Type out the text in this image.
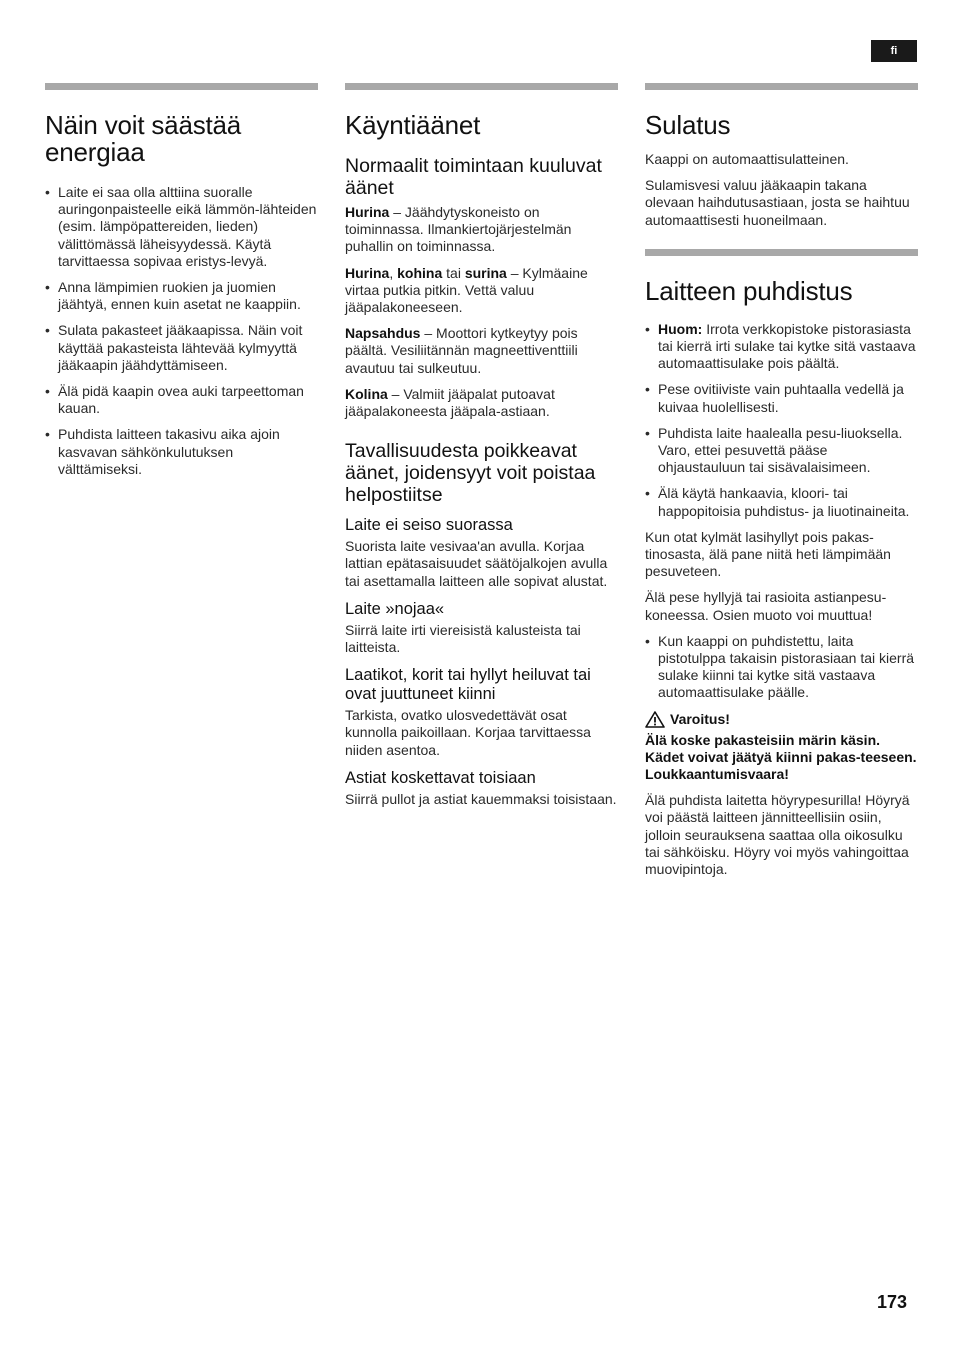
fi
Näin voit säästää energiaa
• Laite ei saa olla alttiina suoralle auringonpaisteelle eikä lämmön-lähteiden (esim. lämpöpattereiden, lieden) välittömässä läheisyydessä. Käytä tarvittaessa sopivaa eristys-levyä.
• Anna lämpimien ruokien ja juomien jäähtyä, ennen kuin asetat ne kaappiin.
• Sulata pakasteet jääkaapissa. Näin voit käyttää pakasteista lähtevää kylmyyttä jääkaapin jäähdyttämiseen.
• Älä pidä kaapin ovea auki tarpeettoman kauan.
• Puhdista laitteen takasivu aika ajoin kasvavan sähkönkulutuksen välttämiseksi.
Käyntiäänet
Normaalit toimintaan kuuluvat äänet

Hurina – Jäähdytyskoneisto on toiminnassa. Ilmankiertojärjestelmän puhallin on toiminnassa.

Hurina, kohina tai surina – Kylmäaine virtaa putkia pitkin. Vettä valuu jääpalakoneeseen.

Napsahdus – Moottori kytkeytyy pois päältä. Vesiliitännän magneettiventtiili avautuu tai sulkeutuu.

Kolina – Valmiit jääpalat putoavat jääpalakoneesta jääpala-astiaan.

Tavallisuudesta poikkeavat äänet, joidensyyt voit poistaa helpostiitse
Laite ei seiso suorassa

Suorista laite vesivaa'an avulla. Korjaa lattian epätasaisuudet säätöjalkojen avulla tai asettamalla laitteen alle sopivat alustat.

Laite »nojaa«

Siirrä laite irti viereisistä kalusteista tai laitteista.

Laatikot, korit tai hyllyt heiluvat tai ovat juuttuneet kiinni

Tarkista, ovatko ulosvedettävät osat kunnolla paikoillaan. Korjaa tarvittaessa niiden asentoa.

Astiat koskettavat toisiaan

Siirrä pullot ja astiat kauemmaksi toisistaan.

Sulatus

Kaappi on automaattisulatteinen.

Sulamisvesi valuu jääkaapin takana olevaan haihdutusastiaan, josta se haihtuu automaattisesti huoneilmaan.

Laitteen puhdistus
• Huom: Irrota verkkopistoke pistorasiasta tai kierrä irti sulake tai kytke sitä vastaava automaattisulake pois päältä.
• Pese ovitiiviste vain puhtaalla vedellä ja kuivaa huolellisesti.
• Puhdista laite haalealla pesu-liuoksella. Varo, ettei pesuvettä pääse ohjaustauluun tai sisävalaisimeen.
• Älä käytä hankaavia, kloori- tai happopitoisia puhdistus- ja liuotinaineita.

Kun otat kylmät lasihyllyt pois pakas-tinosasta, älä pane niitä heti lämpimään pesuveteen.

Älä pese hyllyjä tai rasioita astianpesu-koneessa. Osien muoto voi muuttua!

• Kun kaappi on puhdistettu, laita pistotulppa takaisin pistorasiaan tai kierrä sulake kiinni tai kytke sitä vastaava automaattisulake päälle.
Varoitus!

Älä koske pakasteisiin märin käsin. Kädet voivat jäätyä kiinni pakas-teeseen. Loukkaantumisvaara!

Älä puhdista laitetta höyrypesurilla! Höyryä voi päästä laitteen jännitteellisiin osiin, jolloin seurauksena saattaa olla oikosulku tai sähköisku. Höyry voi myös vahingoittaa muovipintoja.

173
